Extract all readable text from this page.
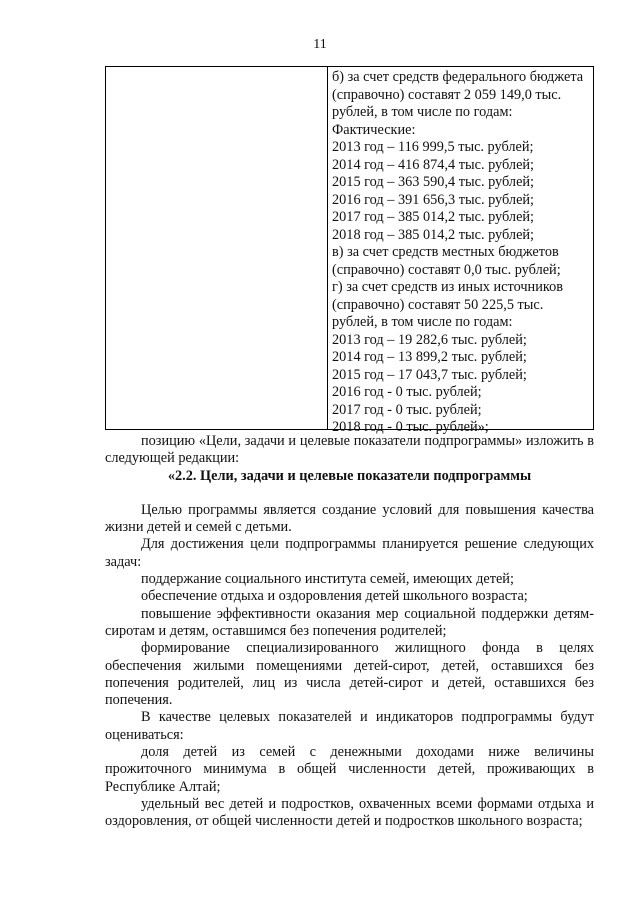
11
б) за счет средств федерального бюджета
(справочно) составят 2 059 149,0 тыс.
рублей, в том числе по годам:
Фактические:
2013 год – 116 999,5 тыс. рублей;
2014 год – 416 874,4 тыс. рублей;
2015 год – 363 590,4 тыс. рублей;
2016 год – 391 656,3 тыс. рублей;
2017 год – 385 014,2 тыс. рублей;
2018 год – 385 014,2 тыс. рублей;
в) за счет средств местных бюджетов
(справочно) составят 0,0 тыс. рублей;
г) за счет средств из иных источников
(справочно) составят 50 225,5 тыс.
рублей, в том числе по годам:
2013 год – 19 282,6 тыс. рублей;
2014 год – 13 899,2 тыс. рублей;
2015 год – 17 043,7 тыс. рублей;
2016 год - 0 тыс. рублей;
2017 год - 0 тыс. рублей;
2018 год - 0 тыс. рублей»;

позицию «Цели, задачи и целевые показатели подпрограммы» изложить в следующей редакции:

«2.2. Цели, задачи и целевые показатели подпрограммы

Целью программы является создание условий для повышения качества жизни детей и семей с детьми.

Для достижения цели подпрограммы планируется решение следующих задач:

поддержание социального института семей, имеющих детей;

обеспечение отдыха и оздоровления детей школьного возраста;

повышение эффективности оказания мер социальной поддержки детям-сиротам и детям, оставшимся без попечения родителей;

формирование специализированного жилищного фонда в целях обеспечения жилыми помещениями детей-сирот, детей, оставшихся без попечения родителей, лиц из числа детей-сирот и детей, оставшихся без попечения.

В качестве целевых показателей и индикаторов подпрограммы будут оцениваться:

доля детей из семей с денежными доходами ниже величины прожиточного минимума в общей численности детей, проживающих в Республике Алтай;

удельный вес детей и подростков, охваченных всеми формами отдыха и оздоровления, от общей численности детей и подростков школьного возраста;
